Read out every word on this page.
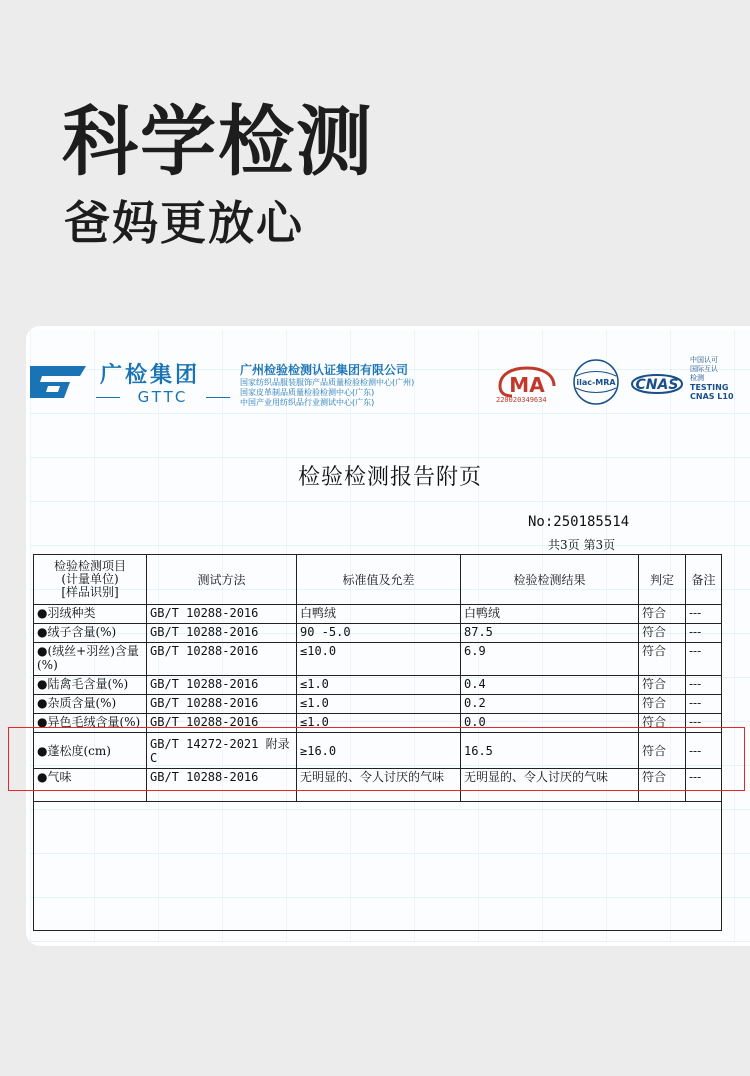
科学检测
爸妈更放心
广检集团
GTTC
广州检验检测认证集团有限公司
国家纺织品服装服饰产品质量检验检测中心(广州)
国家皮革制品质量检验检测中心(广东)
中国产业用纺织品行业测试中心(广东)
MA
220020349634
ilac-MRA CNAS
中国认可
国际互认
检测
TESTING
CNAS L10
检验检测报告附页
No:250185514
共3页 第3页
检验检测项目
(计量单位)
[样品识别]	测试方法	标准值及允差	检验检测结果	判定	备注
●羽绒种类	GB/T 10288-2016	白鸭绒	白鸭绒	符合	---
●绒子含量(%)	GB/T 10288-2016	90 -5.0	87.5	符合	---
●(绒丝+羽丝)含量(%)	GB/T 10288-2016	≤10.0	6.9	符合	---
●陆禽毛含量(%)	GB/T 10288-2016	≤1.0	0.4	符合	---
●杂质含量(%)	GB/T 10288-2016	≤1.0	0.2	符合	---
●异色毛绒含量(%)	GB/T 10288-2016	≤1.0	0.0	符合	---
●蓬松度(cm)	GB/T 14272-2021 附录C	≥16.0	16.5	符合	---
●气味	GB/T 10288-2016	无明显的、令人讨厌的气味	无明显的、令人讨厌的气味	符合	---
